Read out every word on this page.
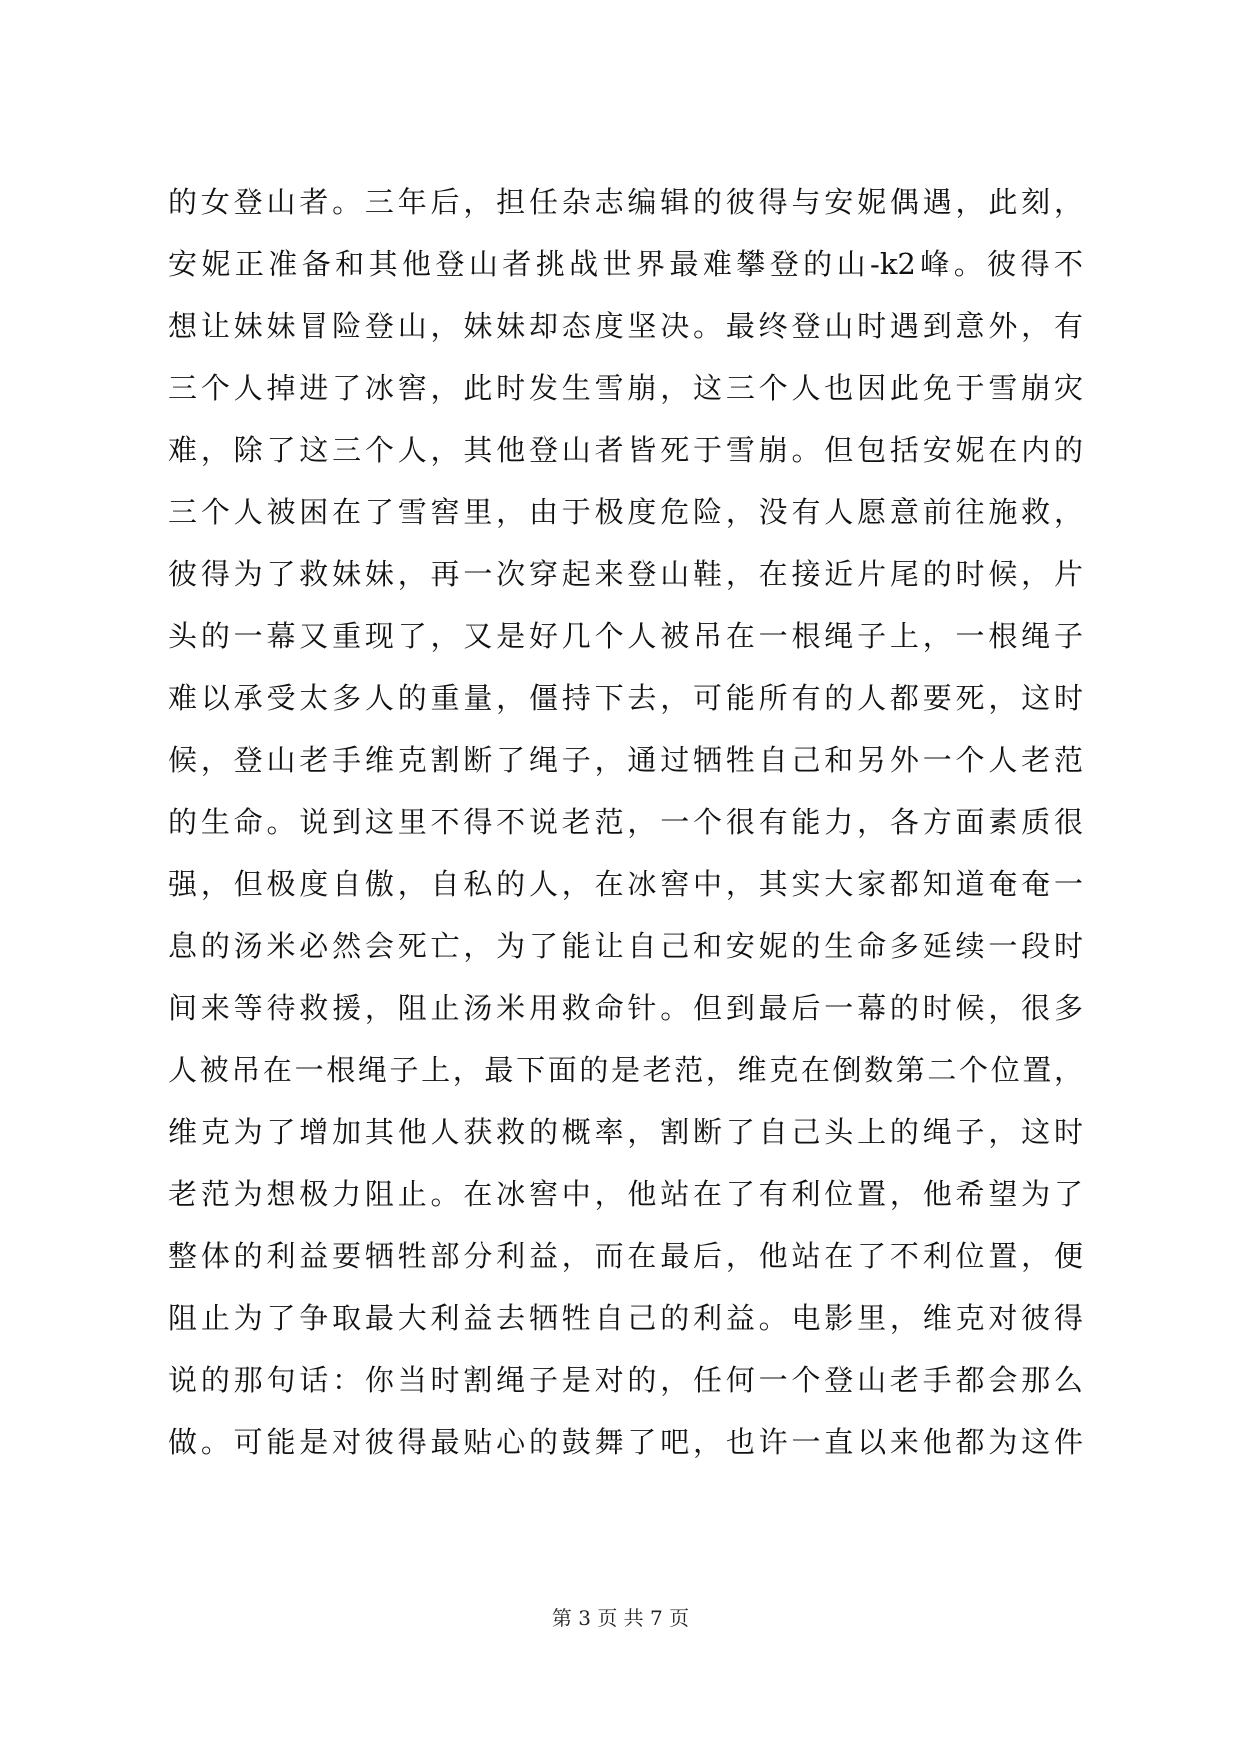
的女登山者。三年后，担任杂志编辑的彼得与安妮偶遇，此刻，
安妮正准备和其他登山者挑战世界最难攀登的山-k2峰。彼得不
想让妹妹冒险登山，妹妹却态度坚决。最终登山时遇到意外，有
三个人掉进了冰窖，此时发生雪崩，这三个人也因此免于雪崩灾
难，除了这三个人，其他登山者皆死于雪崩。但包括安妮在内的
三个人被困在了雪窖里，由于极度危险，没有人愿意前往施救，
彼得为了救妹妹，再一次穿起来登山鞋，在接近片尾的时候，片
头的一幕又重现了，又是好几个人被吊在一根绳子上，一根绳子
难以承受太多人的重量，僵持下去，可能所有的人都要死，这时
候，登山老手维克割断了绳子，通过牺牲自己和另外一个人老范
的生命。说到这里不得不说老范，一个很有能力，各方面素质很
强，但极度自傲，自私的人，在冰窖中，其实大家都知道奄奄一
息的汤米必然会死亡，为了能让自己和安妮的生命多延续一段时
间来等待救援，阻止汤米用救命针。但到最后一幕的时候，很多
人被吊在一根绳子上，最下面的是老范，维克在倒数第二个位置，
维克为了增加其他人获救的概率，割断了自己头上的绳子，这时
老范为想极力阻止。在冰窖中，他站在了有利位置，他希望为了
整体的利益要牺牲部分利益，而在最后，他站在了不利位置，便
阻止为了争取最大利益去牺牲自己的利益。电影里，维克对彼得
说的那句话：你当时割绳子是对的，任何一个登山老手都会那么
做。可能是对彼得最贴心的鼓舞了吧，也许一直以来他都为这件
第 3 页 共 7 页
